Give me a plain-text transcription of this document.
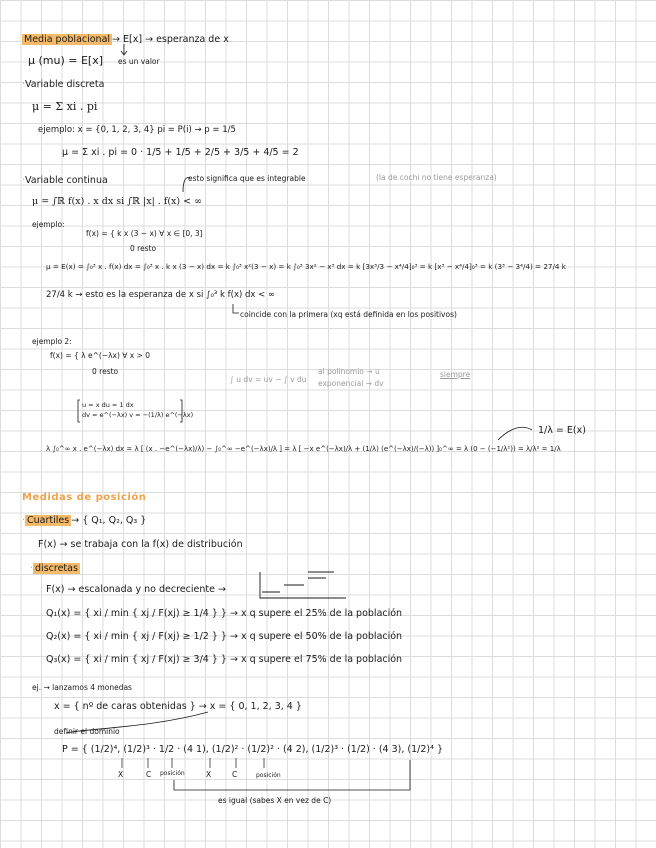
Media poblacional → E[x] → esperanza de x
μ (mu) = E[x] es un valor
·Variable discreta
μ = Σ xi . pi
ejemplo: x = {0, 1, 2, 3, 4} pi = P(i) → p = 1/5
μ = Σ xi . pi = 0 · 1/5 + 1/5 + 2/5 + 3/5 + 4/5 = 2
·Variable continua	esto significa que es integrable	(la de cochi no tiene esperanza)
μ = ∫ℝ f(x) . x dx si ∫ℝ |x| . f(x) < ∞
ejemplo:
f(x) = { k x (3 − x) ∀ x ∈ [0, 3]
0 resto
μ = E(x) = ∫₀³ x . f(x) dx = ∫₀³ x . k x (3 − x) dx = k ∫₀³ x²(3 − x) = k ∫₀³ 3x² − x³ dx = k [3x³/3 − x⁴/4]₀³ = k [x³ − x⁴/4]₀³ = k (3³ − 3⁴/4) = 27/4 k
27/4 k → esto es la esperanza de x si ∫₀³ k f(x) dx < ∞
coincide con la primera (xq está definida en los positivos)
ejemplo 2:
f(x) = { λ e^(−λx) ∀ x > 0
0 resto
∫ u dv = uv − ∫ v du
al polinomio → u
exponencial → dv
siempre
u = x du = 1 dx
dv = e^(−λx) v = −(1/λ) e^(−λx)
λ ∫₀^∞ x . e^(−λx) dx = λ [ (x . −e^(−λx)/λ) − ∫₀^∞ −e^(−λx)/λ ] = λ [ −x e^(−λx)/λ + (1/λ) (e^(−λx)/(−λ)) ]₀^∞ = λ (0 − (−1/λ²)) = λ/λ² = 1/λ
1/λ = E(x)
Medidas de posición
· Cuartiles → { Q₁, Q₂, Q₃ }
F(x) → se trabaja con la f(x) de distribución
· discretas
F(x) → escalonada y no decreciente →
Q₁(x) = { xi / min { xj / F(xj) ≥ 1/4 } } → x q supere el 25% de la población
Q₂(x) = { xi / min { xj / F(xj) ≥ 1/2 } } → x q supere el 50% de la población
Q₃(x) = { xi / min { xj / F(xj) ≥ 3/4 } } → x q supere el 75% de la población
ej. → lanzamos 4 monedas
x = { nº de caras obtenidas } → x = { 0, 1, 2, 3, 4 }
definir el dominio
P = { (1/2)⁴, (1/2)³ · 1/2 · (4 1), (1/2)² · (1/2)² · (4 2), (1/2)³ · (1/2) · (4 3), (1/2)⁴ }
X	C posición	X	C	posición
es igual (sabes X en vez de C)
